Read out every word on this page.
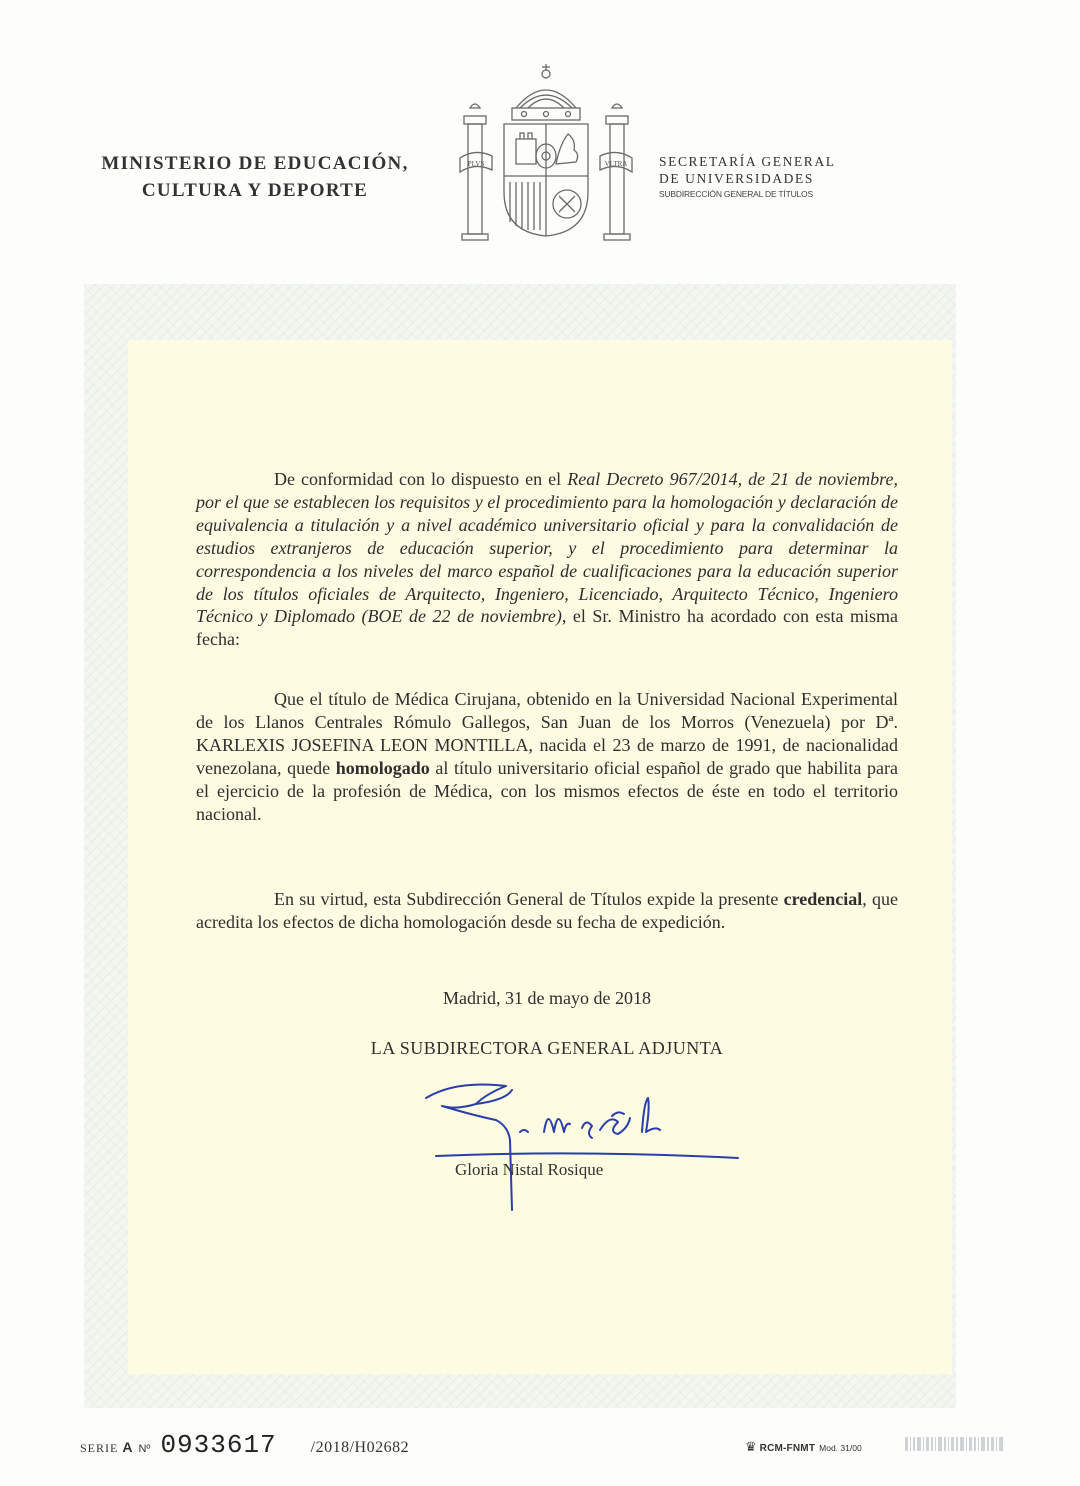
MINISTERIO DE EDUCACIÓN,
CULTURA Y DEPORTE
PLVS	VLTRA SECRETARÍA GENERAL
DE UNIVERSIDADES
SUBDIRECCIÓN GENERAL DE TÍTULOS

De conformidad con lo dispuesto en el Real Decreto 967/2014, de 21 de noviembre, por el que se establecen los requisitos y el procedimiento para la homologación y declaración de equivalencia a titulación y a nivel académico universitario oficial y para la convalidación de estudios extranjeros de educación superior, y el procedimiento para determinar la correspondencia a los niveles del marco español de cualificaciones para la educación superior de los títulos oficiales de Arquitecto, Ingeniero, Licenciado, Arquitecto Técnico, Ingeniero Técnico y Diplomado (BOE de 22 de noviembre), el Sr. Ministro ha acordado con esta misma fecha:

Que el título de Médica Cirujana, obtenido en la Universidad Nacional Experimental de los Llanos Centrales Rómulo Gallegos, San Juan de los Morros (Venezuela) por Dª. KARLEXIS JOSEFINA LEON MONTILLA, nacida el 23 de marzo de 1991, de nacionalidad venezolana, quede homologado al título universitario oficial español de grado que habilita para el ejercicio de la profesión de Médica, con los mismos efectos de éste en todo el territorio nacional.

En su virtud, esta Subdirección General de Títulos expide la presente credencial, que acredita los efectos de dicha homologación desde su fecha de expedición.

Madrid, 31 de mayo de 2018
LA SUBDIRECTORA GENERAL ADJUNTA
Gloria Nistal Rosique
SERIE A Nº 0933617 /2018/H02682	♛ RCM-FNMT Mod. 31/00
